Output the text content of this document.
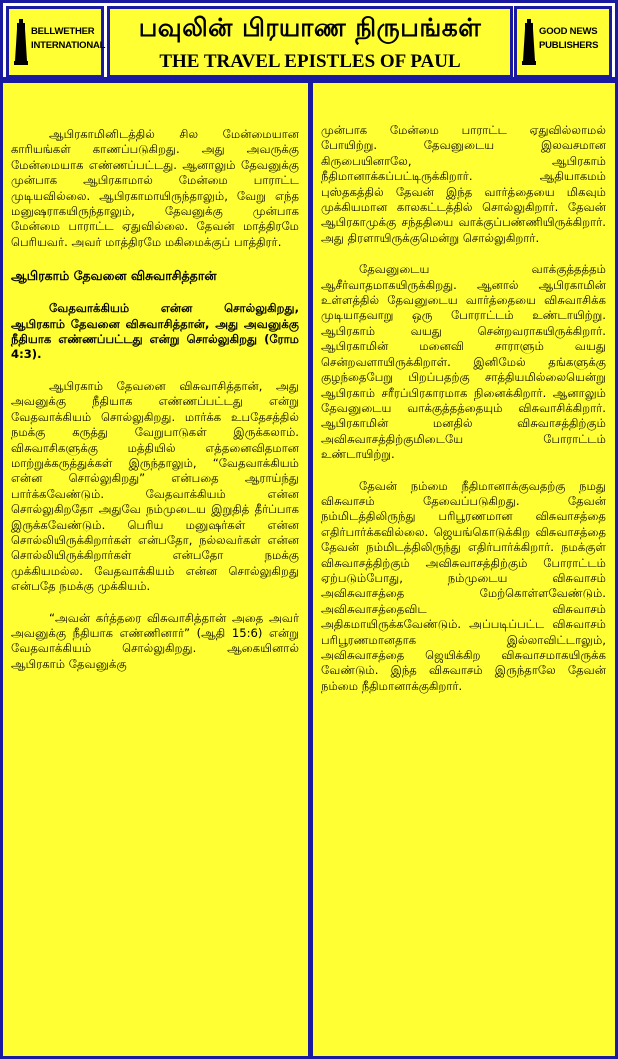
BELLWETHER
INTERNATIONAL
பவுலின் பிரயாண நிருபங்கள்
THE TRAVEL EPISTLES OF PAUL
GOOD NEWS
PUBLISHERS

ஆபிரகாமினிடத்தில் சில மேன்மையான காரியங்கள் காணப்படுகிறது. அது அவருக்கு மேன்மையாக எண்ணப்பட்டது. ஆனாலும் தேவனுக்கு முன்பாக ஆபிரகாமால் மேன்மை பாராட்ட முடியவில்லை. ஆபிரகாமாயிருந்தாலும், வேறு எந்த மனுஷராகயிருந்தாலும், தேவனுக்கு முன்பாக மேன்மை பாராட்ட ஏதுவில்லை. தேவன் மாத்திரமே பெரியவர். அவர் மாத்திரமே மகிமைக்குப் பாத்திரர்.

ஆபிரகாம் தேவனை விசுவாசித்தான்

வேதவாக்கியம் என்ன சொல்லுகிறது, ஆபிரகாம் தேவனை விசுவாசித்தான், அது அவனுக்கு நீதியாக எண்ணப்பட்டது என்று சொல்லுகிறது (ரோம 4:3).

ஆபிரகாம் தேவனை விசுவாசித்தான், அது அவனுக்கு நீதியாக எண்ணப்பட்டது என்று வேதவாக்கியம் சொல்லுகிறது. மார்க்க உபதேசத்தில் நமக்கு கருத்து வேறுபாடுகள் இருக்கலாம். விசுவாசிகளுக்கு மத்தியில் எத்தனைவிதமான மாற்றுக்கருத்துக்கள் இருந்தாலும், “வேதவாக்கியம் என்ன சொல்லுகிறது” என்பதை ஆராய்ந்து பார்க்கவேண்டும். வேதவாக்கியம் என்ன சொல்லுகிறதோ அதுவே நம்முடைய இறுதித் தீர்ப்பாக இருக்கவேண்டும். பெரிய மனுஷர்கள் என்ன சொல்லியிருக்கிறார்கள் என்பதோ, நல்லவர்கள் என்ன சொல்லியிருக்கிறார்கள் என்பதோ நமக்கு முக்கியமல்ல. வேதவாக்கியம் என்ன சொல்லுகிறது என்பதே நமக்கு முக்கியம்.

“அவன் கர்த்தரை விசுவாசித்தான் அதை அவர் அவனுக்கு நீதியாக எண்ணினார்” (ஆதி 15:6) என்று வேதவாக்கியம் சொல்லுகிறது. ஆகையினால் ஆபிரகாம் தேவனுக்கு

முன்பாக மேன்மை பாராட்ட ஏதுவில்லாமல் போயிற்று. தேவனுடைய இலவசமான கிருபையினாலே, ஆபிரகாம் நீதிமானாக்கப்பட்டிருக்கிறார். ஆதியாகமம் புஸ்தகத்தில் தேவன் இந்த வார்த்தையை மிகவும் முக்கியமான காலகட்டத்தில் சொல்லுகிறார். தேவன் ஆபிரகாமுக்கு சந்ததியை வாக்குப்பண்ணியிருக்கிறார். அது திரளாயிருக்குமென்று சொல்லுகிறார்.

தேவனுடைய வாக்குத்தத்தம் ஆசீர்வாதமாகயிருக்கிறது. ஆனால் ஆபிரகாமின் உள்ளத்தில் தேவனுடைய வார்த்தையை விசுவாசிக்க முடியாதவாறு ஒரு போராட்டம் உண்டாயிற்று. ஆபிரகாம் வயது சென்றவராகயிருக்கிறார். ஆபிரகாமின் மனைவி சாராளும் வயது சென்றவளாயிருக்கிறாள். இனிமேல் தங்களுக்கு குழந்தைபேறு பிறப்பதற்கு சாத்தியமில்லையென்று ஆபிரகாம் சரீரப்பிரகாரமாக நினைக்கிறார். ஆனாலும் தேவனுடைய வாக்குத்தத்தையும் விசுவாசிக்கிறார். ஆபிரகாமின் மனதில் விசுவாசத்திற்கும் அவிசுவாசத்திற்குமிடையே போராட்டம் உண்டாயிற்று.

தேவன் நம்மை நீதிமானாக்குவதற்கு நமது விசுவாசம் தேவைப்படுகிறது. தேவன் நம்மிடத்திலிருந்து பரிபூரணமான விசுவாசத்தை எதிர்பார்க்கவில்லை. ஜெயங்கொடுக்கிற விசுவாசத்தை தேவன் நம்மிடத்திலிருந்து எதிர்பார்க்கிறார். நமக்குள் விசுவாசத்திற்கும் அவிசுவாசத்திற்கும் போராட்டம் ஏற்படும்போது, நம்முடைய விசுவாசம் அவிசுவாசத்தை மேற்கொள்ளவேண்டும். அவிசுவாசத்தைவிட விசுவாசம் அதிகமாயிருக்கவேண்டும். அப்படிப்பட்ட விசுவாசம் பரிபூரணமானதாக இல்லாவிட்டாலும், அவிசுவாசத்தை ஜெயிக்கிற விசுவாசமாகயிருக்க வேண்டும். இந்த விசுவாசம் இருந்தாலே தேவன் நம்மை நீதிமானாக்குகிறார்.
